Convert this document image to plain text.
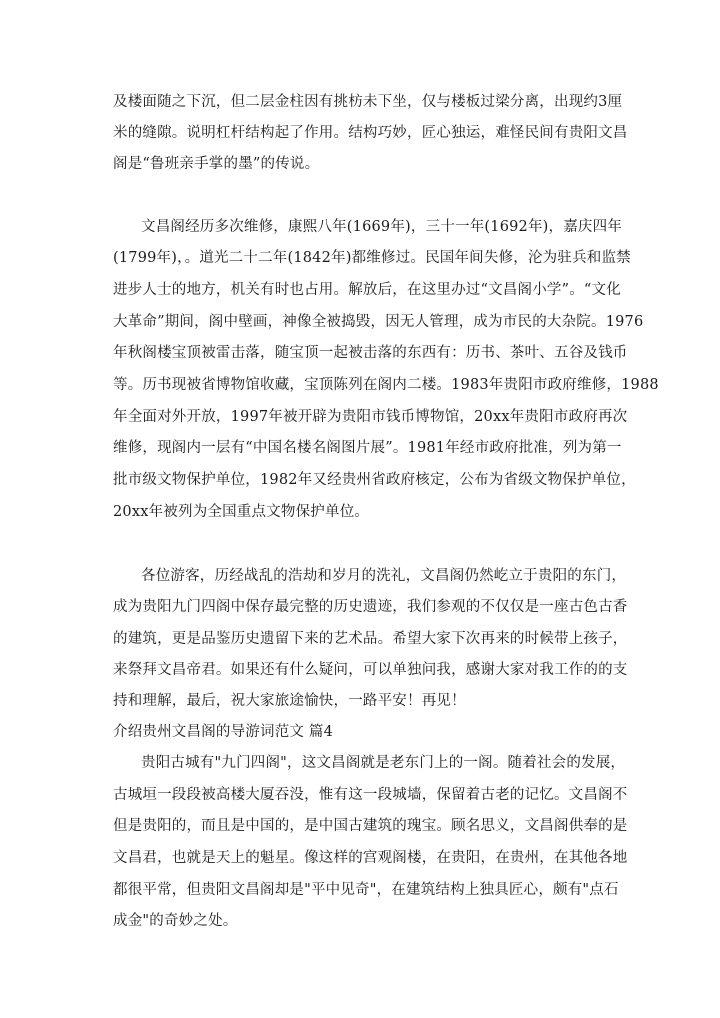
及楼面随之下沉，但二层金柱因有挑枋未下坐，仅与楼板过梁分离，出现约3厘
米的缝隙。说明杠杆结构起了作用。结构巧妙，匠心独运，难怪民间有贵阳文昌
阁是“鲁班亲手掌的墨”的传说。
文昌阁经历多次维修，康熙八年(1669年)，三十一年(1692年)，嘉庆四年
(1799年)，。道光二十二年(1842年)都维修过。民国年间失修，沦为驻兵和监禁
进步人士的地方，机关有时也占用。解放后，在这里办过“文昌阁小学”。“文化
大革命”期间，阁中壁画，神像全被捣毁，因无人管理，成为市民的大杂院。1976
年秋阁楼宝顶被雷击落，随宝顶一起被击落的东西有：历书、茶叶、五谷及钱币
等。历书现被省博物馆收藏，宝顶陈列在阁内二楼。1983年贵阳市政府维修，1988
年全面对外开放，1997年被开辟为贵阳市钱币博物馆，20xx年贵阳市政府再次
维修，现阁内一层有“中国名楼名阁图片展”。1981年经市政府批准，列为第一
批市级文物保护单位，1982年又经贵州省政府核定，公布为省级文物保护单位，
20xx年被列为全国重点文物保护单位。
各位游客，历经战乱的浩劫和岁月的洗礼，文昌阁仍然屹立于贵阳的东门，
成为贵阳九门四阁中保存最完整的历史遗迹，我们参观的不仅仅是一座古色古香
的建筑，更是品鉴历史遗留下来的艺术品。希望大家下次再来的时候带上孩子，
来祭拜文昌帝君。如果还有什么疑问，可以单独问我，感谢大家对我工作的的支
持和理解，最后，祝大家旅途愉快，一路平安！再见！
介绍贵州文昌阁的导游词范文 篇4
贵阳古城有"九门四阁"，这文昌阁就是老东门上的一阁。随着社会的发展，
古城垣一段段被高楼大厦吞没，惟有这一段城墙，保留着古老的记忆。文昌阁不
但是贵阳的，而且是中国的，是中国古建筑的瑰宝。顾名思义，文昌阁供奉的是
文昌君，也就是天上的魁星。像这样的宫观阁楼，在贵阳，在贵州，在其他各地
都很平常，但贵阳文昌阁却是"平中见奇"，在建筑结构上独具匠心，颇有"点石
成金"的奇妙之处。
